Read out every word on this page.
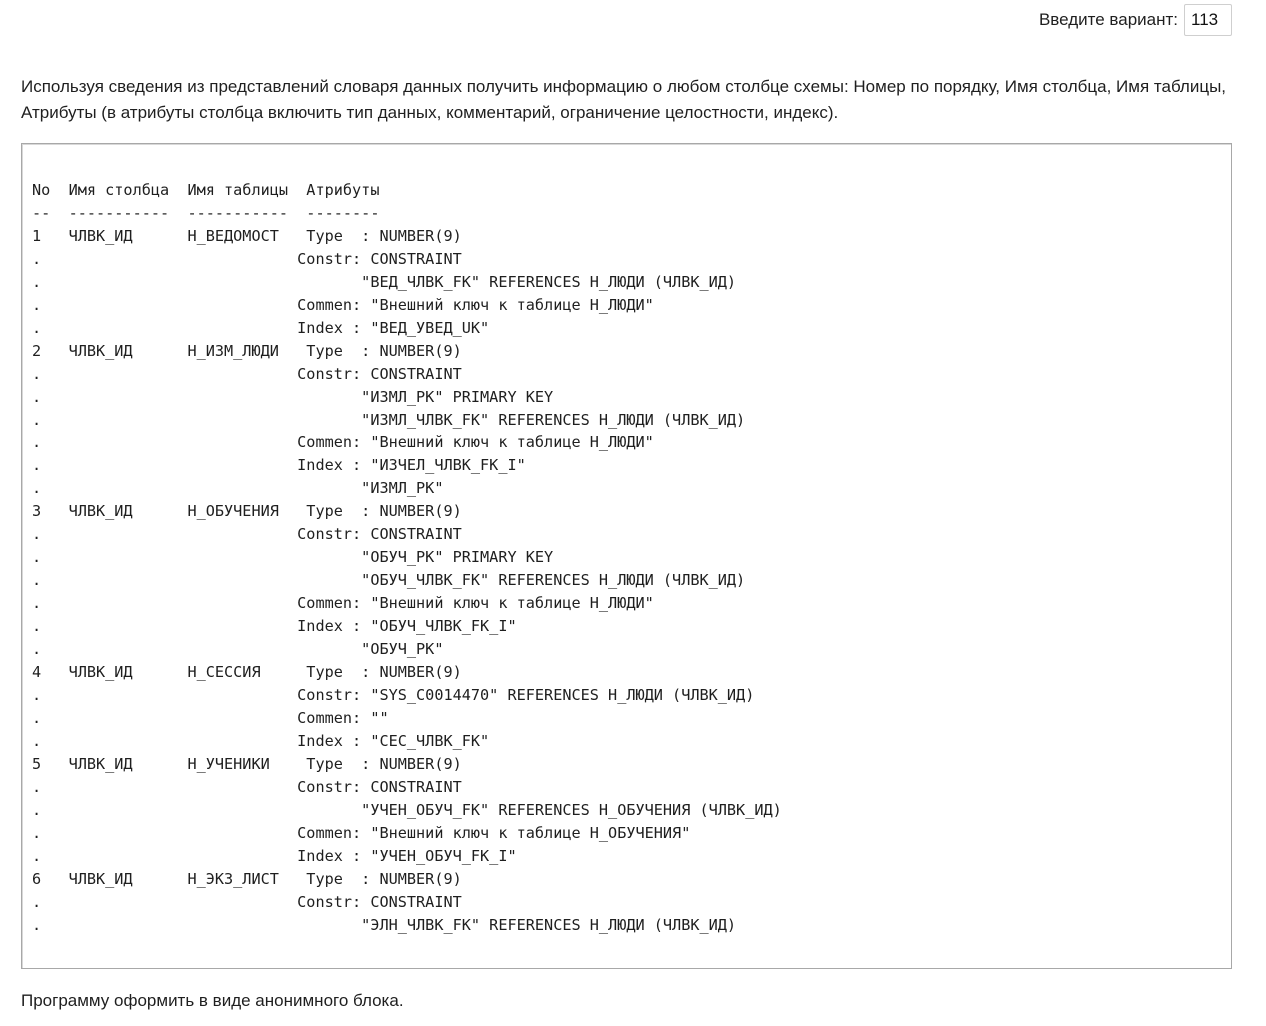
Введите вариант:
113

Используя сведения из представлений словаря данных получить информацию о любом столбце схемы: Номер по порядку, Имя столбца, Имя таблицы, Атрибуты (в атрибуты столбца включить тип данных, комментарий, ограничение целостности, индекс).

No  Имя столбца  Имя таблицы  Атрибуты
--  -----------  -----------  --------
1   ЧЛВК_ИД      Н_ВЕДОМОСТ   Type  : NUMBER(9)
.                            Constr: CONSTRAINT
.                                   "ВЕД_ЧЛВК_FK" REFERENCES Н_ЛЮДИ (ЧЛВК_ИД)
.                            Commen: "Внешний ключ к таблице Н_ЛЮДИ"
.                            Index : "ВЕД_УВЕД_UK"
2   ЧЛВК_ИД      Н_ИЗМ_ЛЮДИ   Type  : NUMBER(9)
.                            Constr: CONSTRAINT
.                                   "ИЗМЛ_PK" PRIMARY KEY
.                                   "ИЗМЛ_ЧЛВК_FK" REFERENCES Н_ЛЮДИ (ЧЛВК_ИД)
.                            Commen: "Внешний ключ к таблице Н_ЛЮДИ"
.                            Index : "ИЗЧЕЛ_ЧЛВК_FK_I"
.                                   "ИЗМЛ_PK"
3   ЧЛВК_ИД      Н_ОБУЧЕНИЯ   Type  : NUMBER(9)
.                            Constr: CONSTRAINT
.                                   "ОБУЧ_PK" PRIMARY KEY
.                                   "ОБУЧ_ЧЛВК_FK" REFERENCES Н_ЛЮДИ (ЧЛВК_ИД)
.                            Commen: "Внешний ключ к таблице Н_ЛЮДИ"
.                            Index : "ОБУЧ_ЧЛВК_FK_I"
.                                   "ОБУЧ_PK"
4   ЧЛВК_ИД      Н_СЕССИЯ     Type  : NUMBER(9)
.                            Constr: "SYS_C0014470" REFERENCES Н_ЛЮДИ (ЧЛВК_ИД)
.                            Commen: ""
.                            Index : "СЕС_ЧЛВК_FK"
5   ЧЛВК_ИД      Н_УЧЕНИКИ    Type  : NUMBER(9)
.                            Constr: CONSTRAINT
.                                   "УЧЕН_ОБУЧ_FK" REFERENCES Н_ОБУЧЕНИЯ (ЧЛВК_ИД)
.                            Commen: "Внешний ключ к таблице Н_ОБУЧЕНИЯ"
.                            Index : "УЧЕН_ОБУЧ_FK_I"
6   ЧЛВК_ИД      Н_ЭКЗ_ЛИСТ   Type  : NUMBER(9)
.                            Constr: CONSTRAINT
.                                   "ЭЛН_ЧЛВК_FK" REFERENCES Н_ЛЮДИ (ЧЛВК_ИД)

Программу оформить в виде анонимного блока.
